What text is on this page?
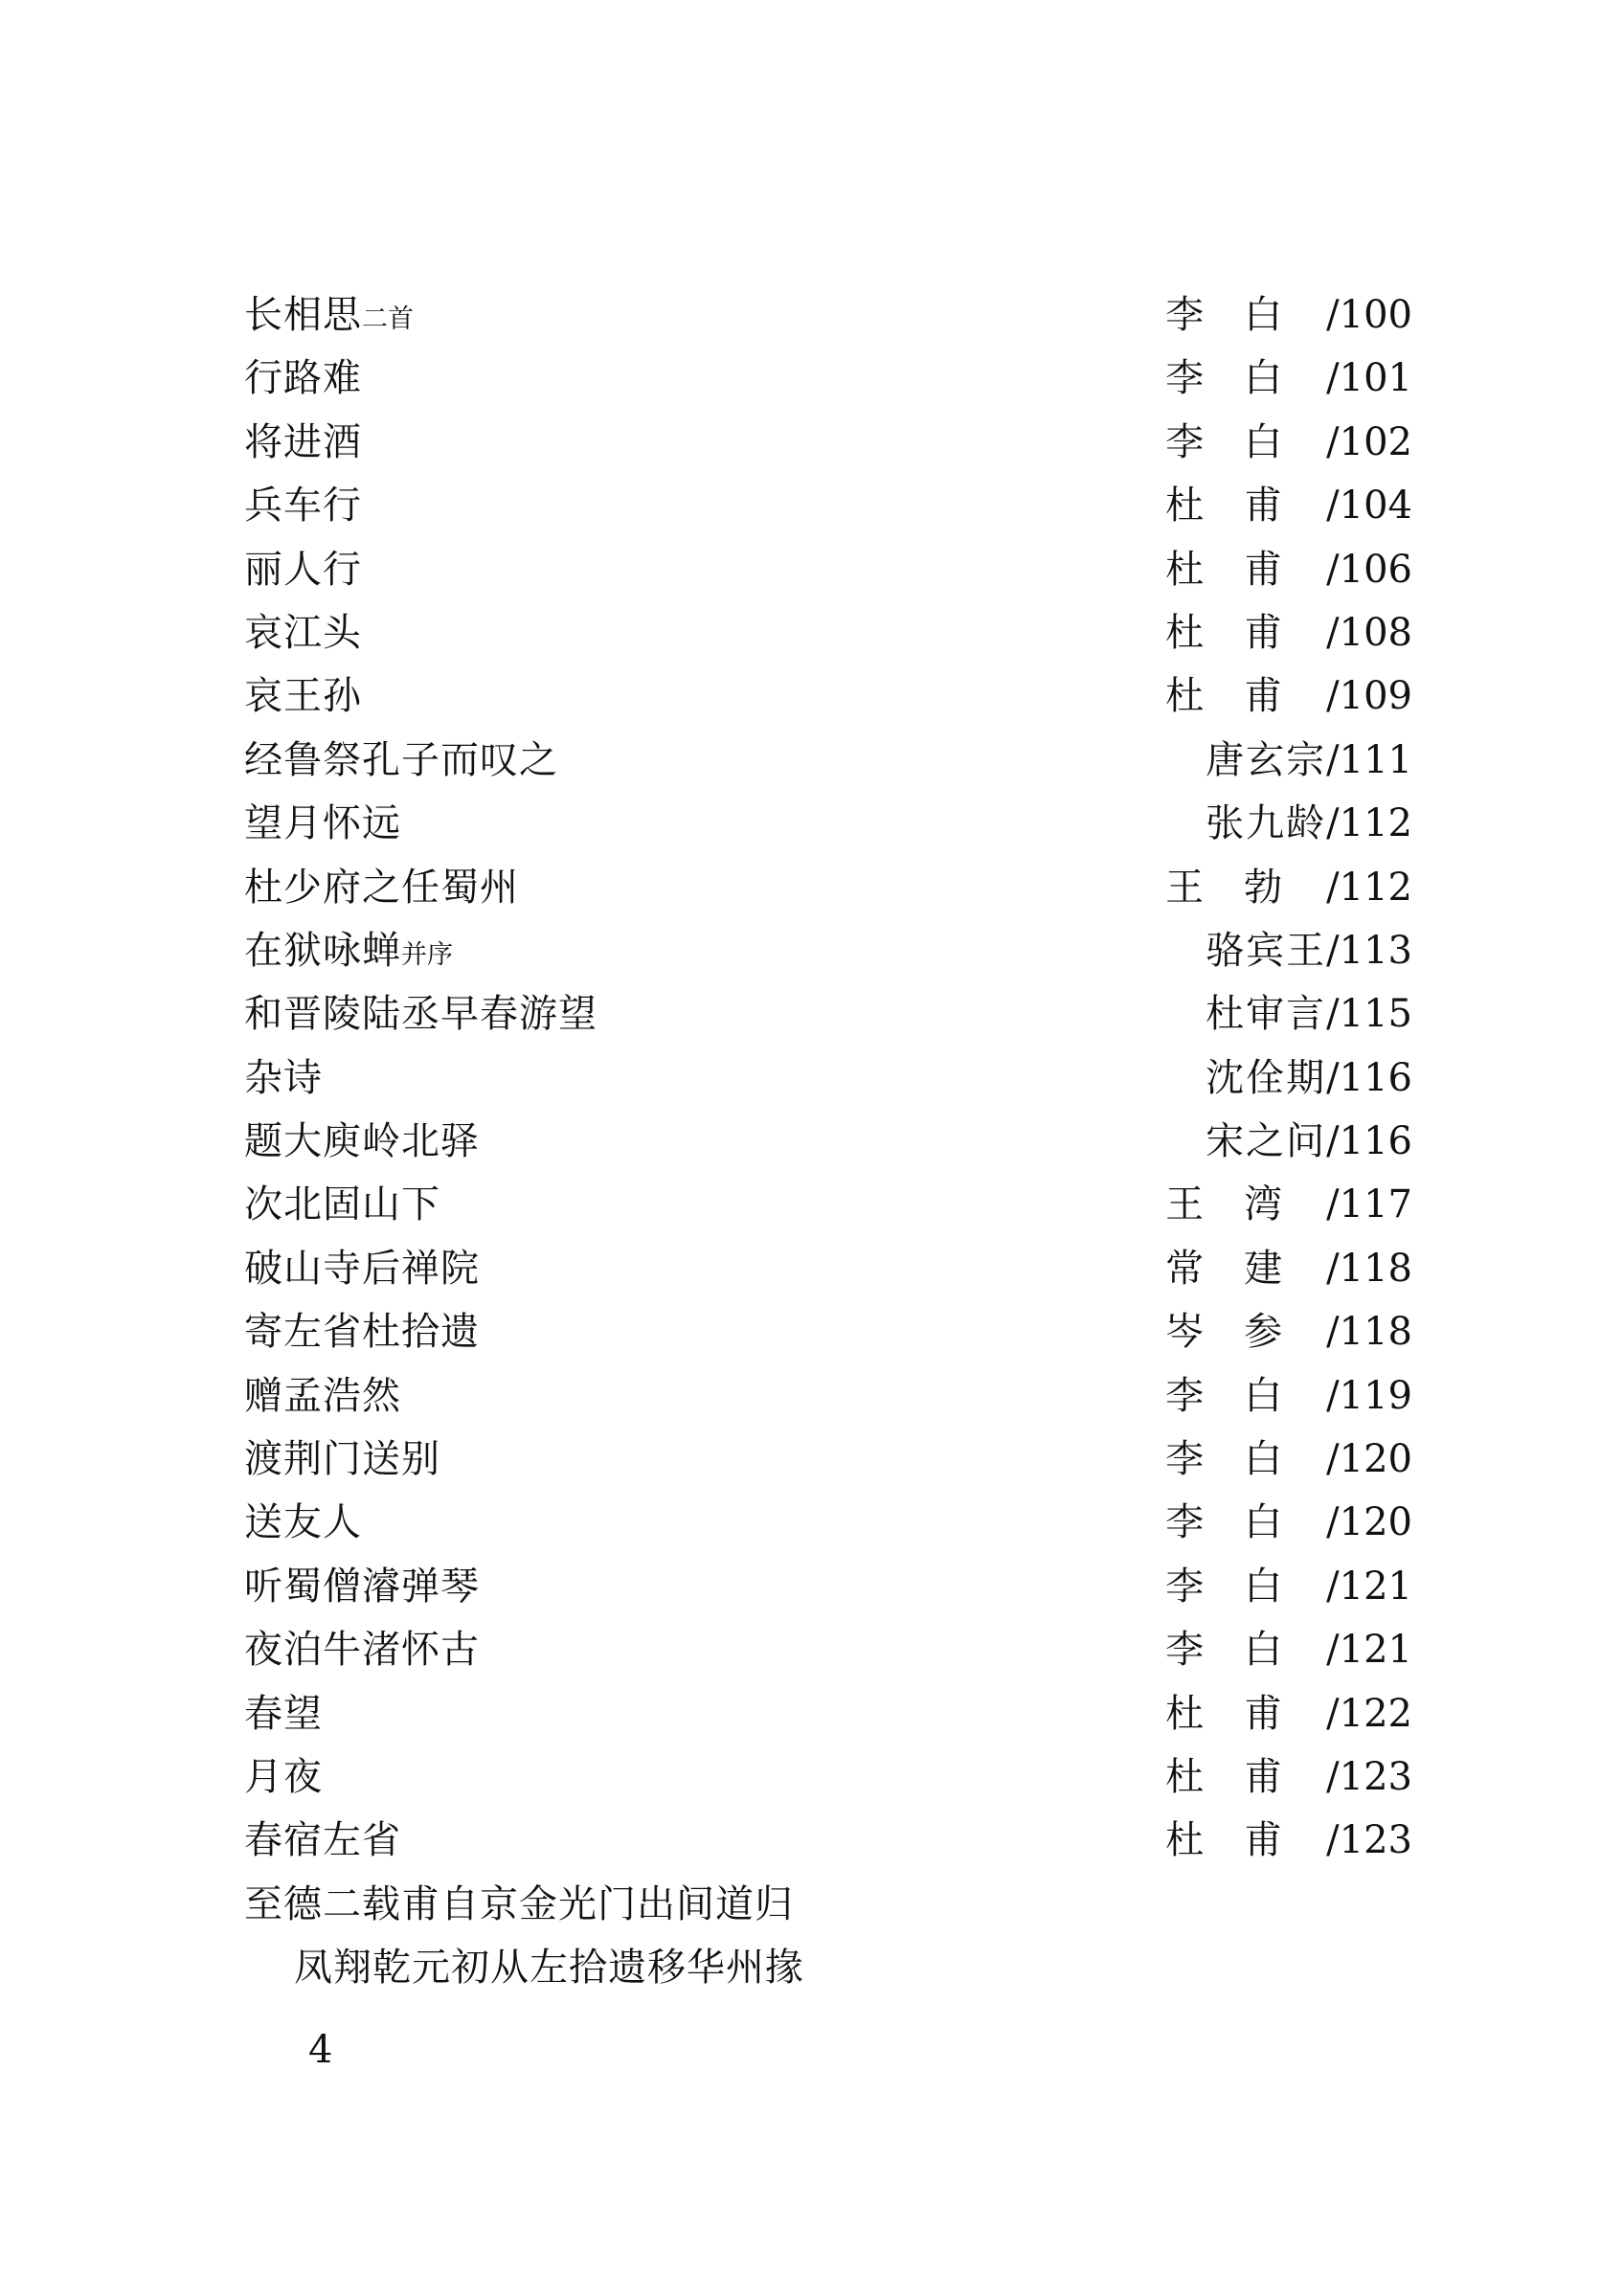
长相思二首	李白 /100
行路难	李白 /101
将进酒	李白 /102
兵车行	杜甫 /104
丽人行	杜甫 /106
哀江头	杜甫 /108
哀王孙	杜甫 /109
经鲁祭孔子而叹之	唐玄宗/111
望月怀远	张九龄/112
杜少府之任蜀州	王勃 /112
在狱咏蝉并序	骆宾王/113
和晋陵陆丞早春游望	杜审言/115
杂诗	沈佺期/116
题大庾岭北驿	宋之问/116
次北固山下	王湾 /117
破山寺后禅院	常建 /118
寄左省杜拾遗	岑参 /118
赠孟浩然	李白 /119
渡荆门送别	李白 /120
送友人	李白 /120
听蜀僧濬弹琴	李白 /121
夜泊牛渚怀古	李白 /121
春望	杜甫 /122
月夜	杜甫 /123
春宿左省	杜甫 /123
至德二载甫自京金光门出间道归
凤翔乾元初从左拾遗移华州掾
4
